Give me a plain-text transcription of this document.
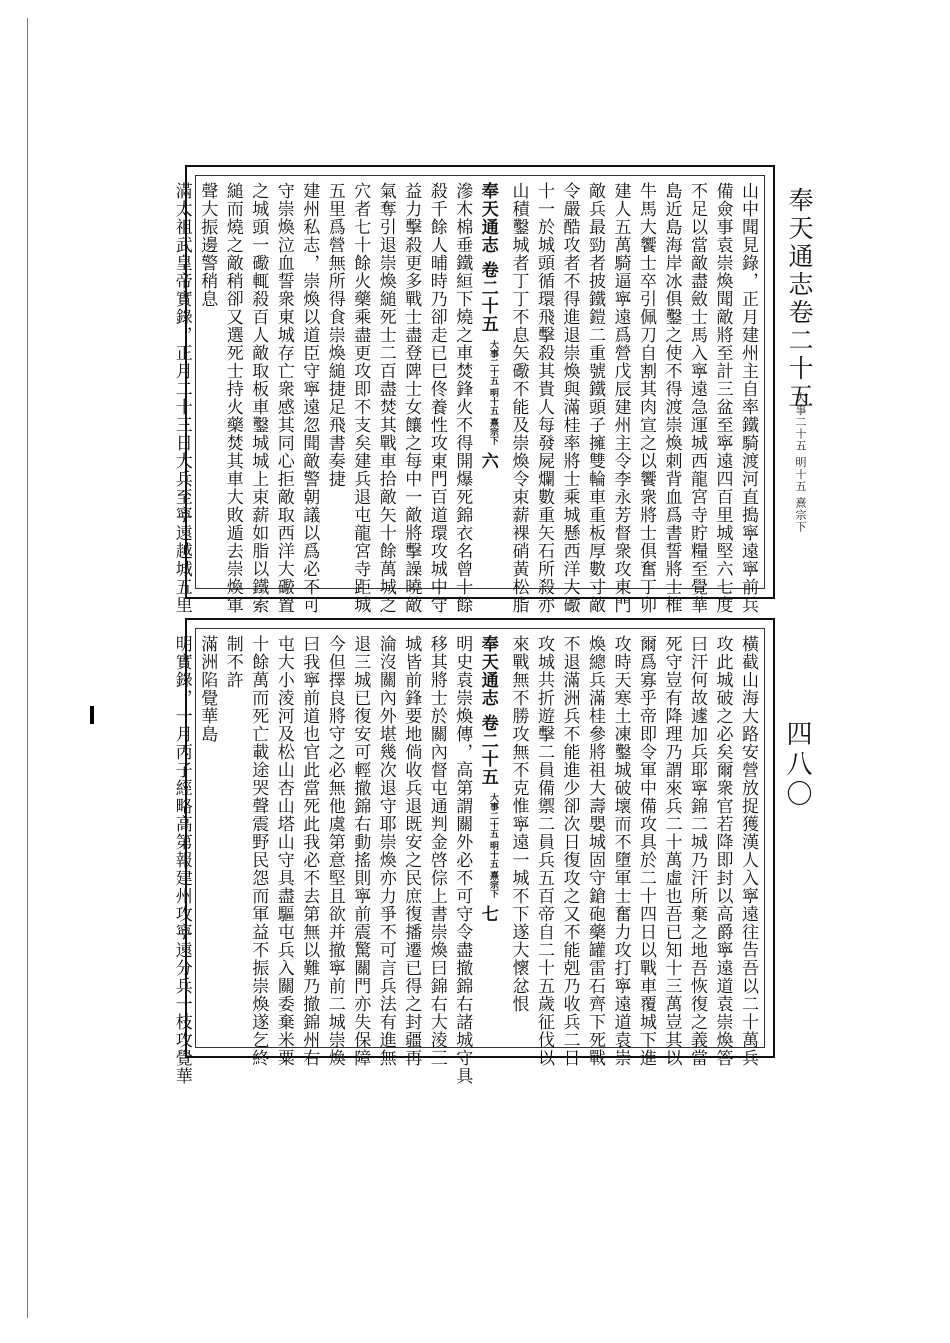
奉天通志卷二十五
大事二十五 明十五 熹宗下
四八〇
山中聞見錄，正月建州主自率鐵騎渡河直搗寧遠寧前兵
備僉事袁崇煥聞敵將至計三盆至寧遠四百里城堅六七度
不足以當敵盡斂士馬入寧遠急運城西龍宮寺貯糧至覺華
島近島海岸冰俱鑿之使不得渡崇煥刺背血爲書誓將士椎
牛馬大饗士卒引佩刀自割其肉宣之以饗衆將士俱奮丁卯
建人五萬騎逼寧遠爲營戊辰建州主令李永芳督衆攻東門
敵兵最勁者披鐵鎧二重號鐵頭子擁雙輪車重板厚數寸敵
令嚴酷攻者不得進退崇煥與滿桂率將士乘城懸西洋大礮
十一於城頭循環飛擊殺其貴人每發屍爛數重矢石所殺亦
山積鑿城者丁丁不息矢礮不能及崇煥令束薪裸硝黃松脂
奉天通志 卷二十五 大事二十五 明十五 熹宗下 六
滲木棉垂鐵絙下燒之車焚鋒火不得開爆死錦衣名曾十餘
殺千餘人晡時乃卻走已巳佟養性攻東門百道環攻城中守
益力擊殺更多戰士盡登陴士女饟之每中一敵將擊譟曉敵
氣奪引退崇煥縋死士二百盡焚其戰車拾敵矢十餘萬城之
穴者七十餘火藥乘盡更攻即不支矣建兵退屯龍宮寺距城
五里爲營無所得食崇煥縋捷足飛書奏捷
建州私志，崇煥以道臣守寧遠忽聞敵警朝議以爲必不可
守崇煥泣血誓衆東城存亡衆感其同心拒敵取西洋大礮置
之城頭一礮輒殺百人敵取板車鑿城城上束薪如脂以鐵索
縋而燒之敵稍卻又選死士持火藥焚其車大敗遁去崇煥軍
聲大振邊警稍息
滿太祖武皇帝實錄，正月二十三日大兵至寧遠越城五里
橫截山海大路安營放捉獲漢人入寧遠往告吾以二十萬兵
攻此城破之必矣爾衆官若降即封以高爵寧遠道袁崇煥答
曰汗何故遽加兵耶寧錦二城乃汗所棄之地吾恢復之義當
死守豈有降理乃謂來兵二十萬虛也吾已知十三萬豈其以
爾爲寡乎帝即令軍中備攻具於二十四日以戰車覆城下進
攻時天寒土凍鑿城破壞而不墮軍士奮力攻打寧遠道袁崇
煥總兵滿桂參將祖大壽嬰城固守鎗砲藥罐雷石齊下死戰
不退滿洲兵不能進少卻次日復攻之又不能剋乃收兵二日
攻城共折遊擊二員備禦二員兵五百帝自二十五歲征伐以
來戰無不勝攻無不克惟寧遠一城不下遂大懷忿恨
奉天通志 卷二十五 大事二十五 明十五 熹宗下 七
明史袁崇煥傳，高第謂關外必不可守令盡撤錦右諸城守具
移其將士於關內督屯通判金啓倧上書崇煥曰錦右大淩三
城皆前鋒要地倘收兵退既安之民庶復播遷已得之封疆再
淪沒關內外堪幾次退守耶崇煥亦力爭不可言兵法有進無
退三城已復安可輕撤錦右動搖則寧前震驚關門亦失保障
今但擇良將守之必無他虞第意堅且欲并撤寧前二城崇煥
曰我寧前道也官此當死此我必不去第無以難乃撤錦州右
屯大小淩河及松山杏山塔山守具盡驅屯兵入關委棄米粟
十餘萬而死亡載途哭聲震野民怨而軍益不振崇煥遂乞終
制不許
滿洲陷覺華島
明實錄，一月丙子經略高第報建州攻寧遠分兵一枝攻覺華
